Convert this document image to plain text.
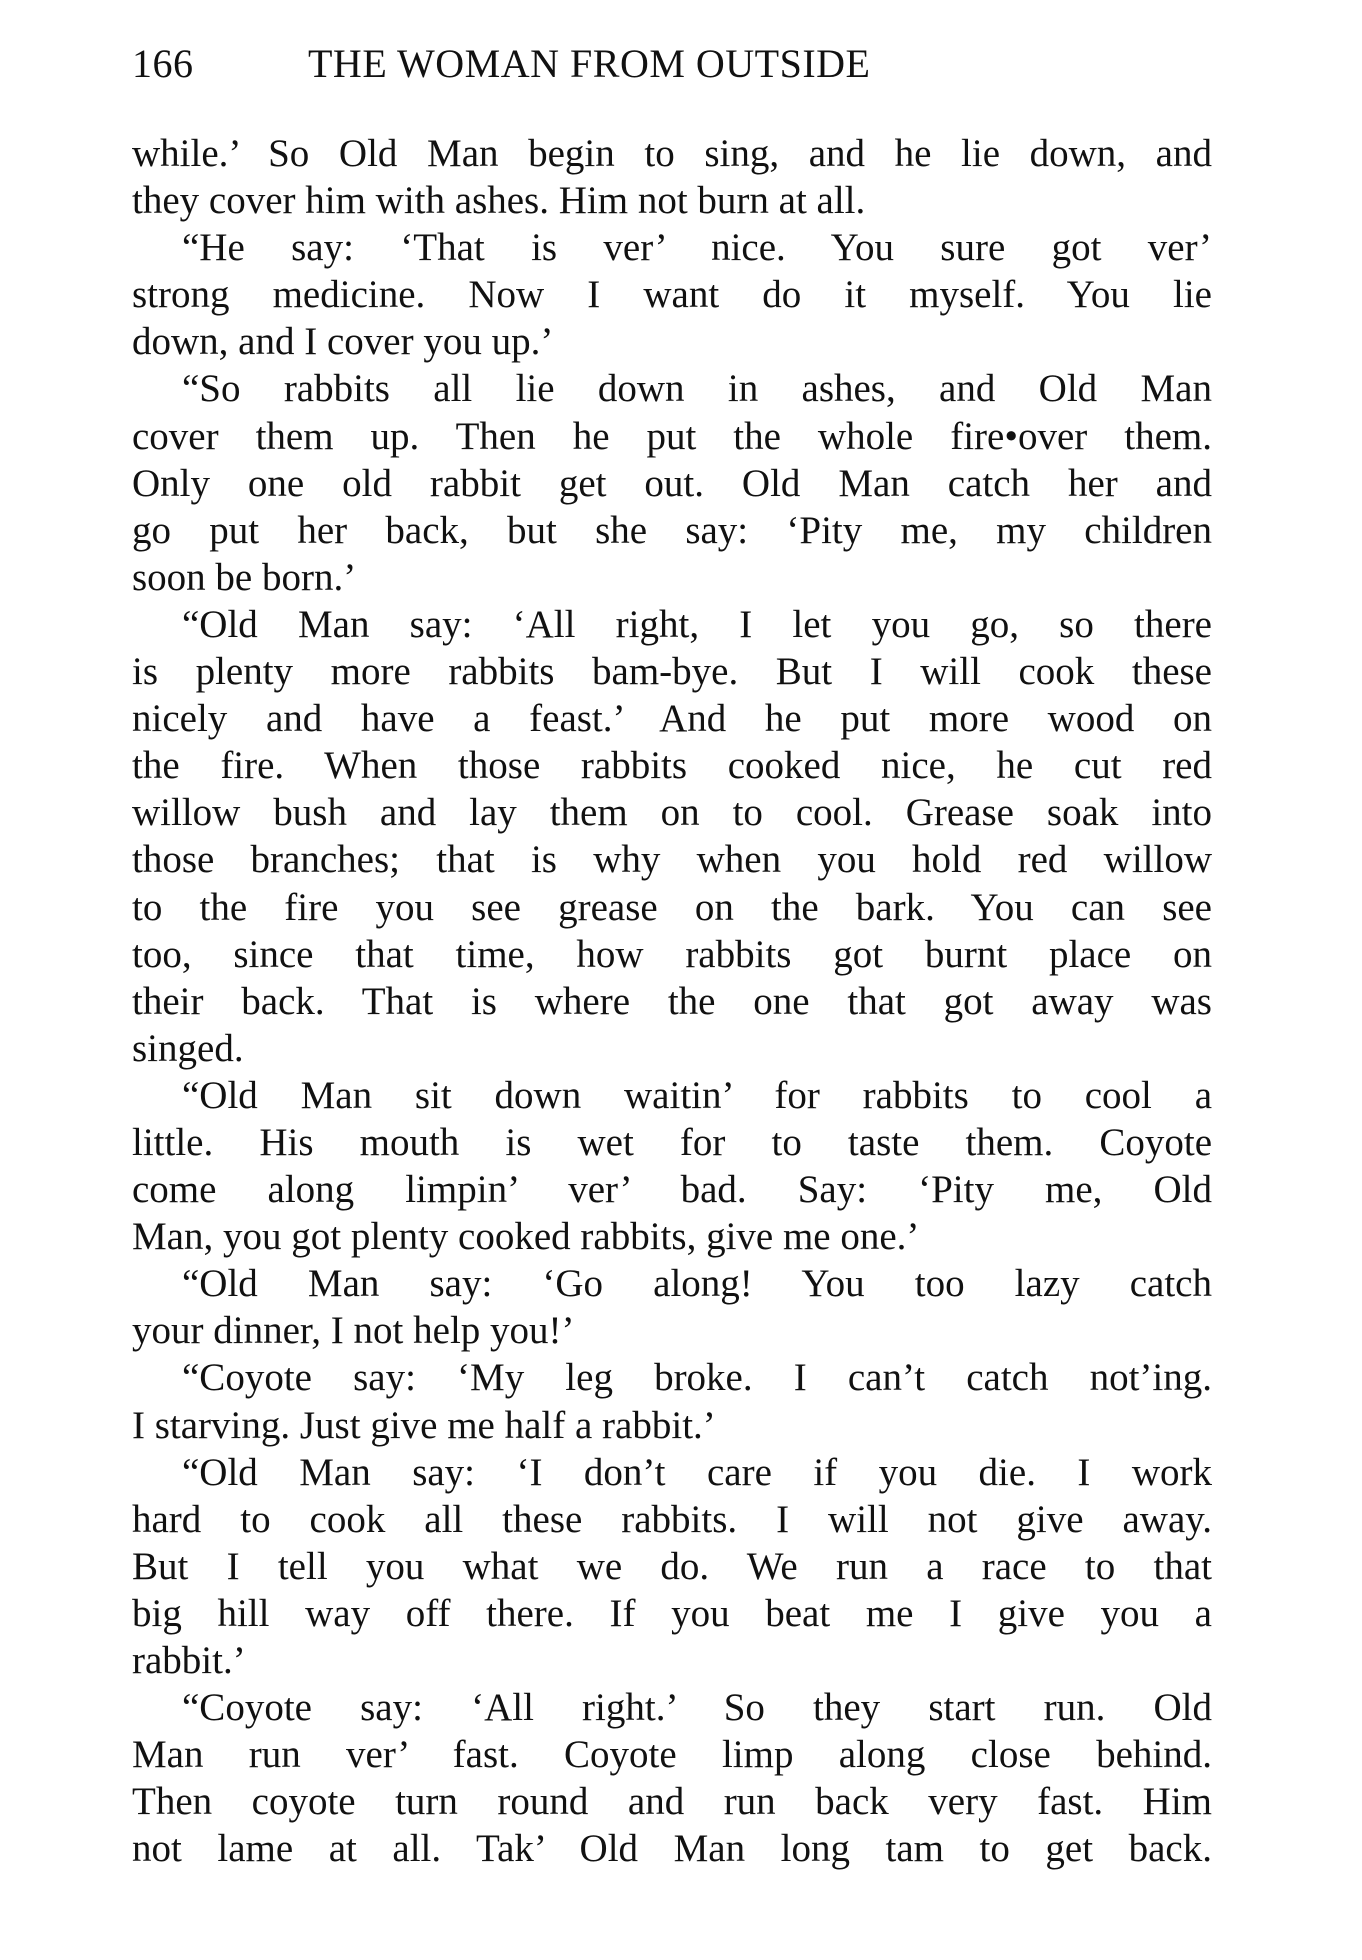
166	THE WOMAN FROM OUTSIDE
while.’ So Old Man begin to sing, and he lie down, and
they cover him with ashes. Him not burn at all.
“He say: ‘That is ver’ nice. You sure got ver’
strong medicine. Now I want do it myself. You lie
down, and I cover you up.’
“So rabbits all lie down in ashes, and Old Man
cover them up. Then he put the whole fire•over them.
Only one old rabbit get out. Old Man catch her and
go put her back, but she say: ‘Pity me, my children
soon be born.’
“Old Man say: ‘All right, I let you go, so there
is plenty more rabbits bam-bye. But I will cook these
nicely and have a feast.’ And he put more wood on
the fire. When those rabbits cooked nice, he cut red
willow bush and lay them on to cool. Grease soak into
those branches; that is why when you hold red willow
to the fire you see grease on the bark. You can see
too, since that time, how rabbits got burnt place on
their back. That is where the one that got away was
singed.
“Old Man sit down waitin’ for rabbits to cool a
little. His mouth is wet for to taste them. Coyote
come along limpin’ ver’ bad. Say: ‘Pity me, Old
Man, you got plenty cooked rabbits, give me one.’
“Old Man say: ‘Go along! You too lazy catch
your dinner, I not help you!’
“Coyote say: ‘My leg broke. I can’t catch not’ing.
I starving. Just give me half a rabbit.’
“Old Man say: ‘I don’t care if you die. I work
hard to cook all these rabbits. I will not give away.
But I tell you what we do. We run a race to that
big hill way off there. If you beat me I give you a
rabbit.’
“Coyote say: ‘All right.’ So they start run. Old
Man run ver’ fast. Coyote limp along close behind.
Then coyote turn round and run back very fast. Him
not lame at all. Tak’ Old Man long tam to get back.
